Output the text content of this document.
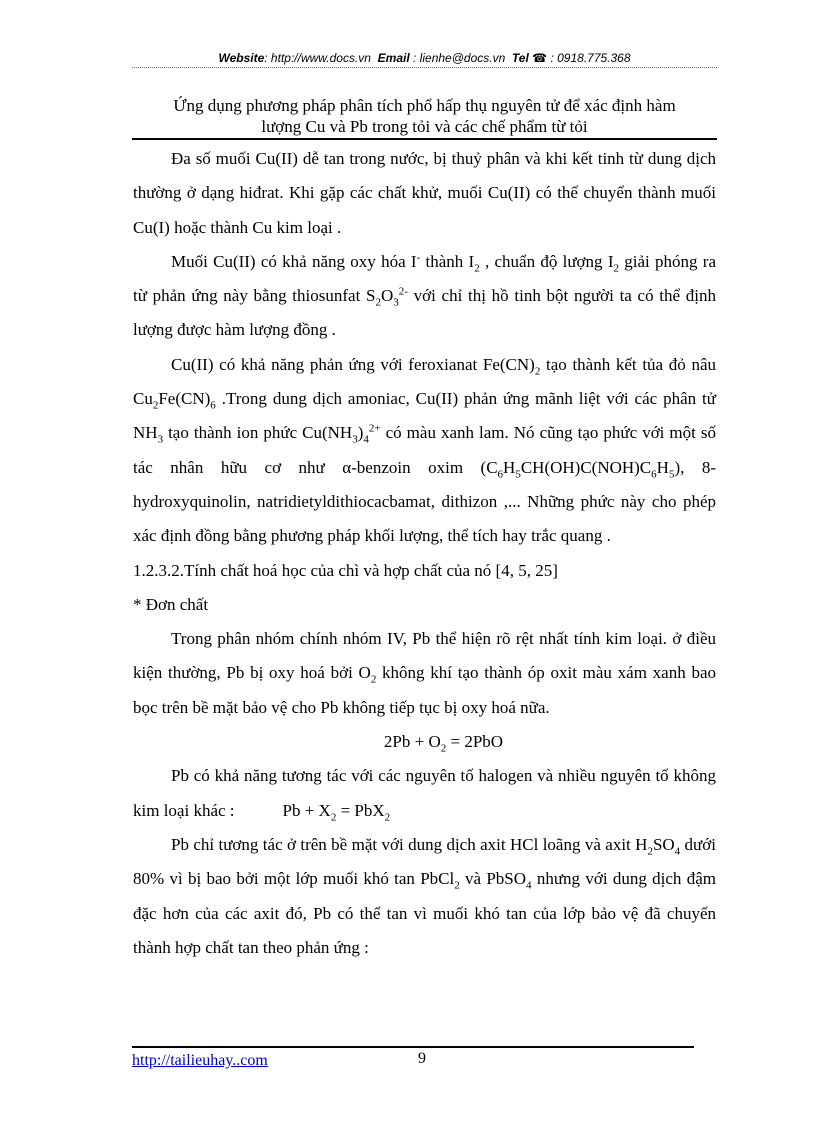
Website: http://www.docs.vn Email : lienhe@docs.vn Tel ☎ : 0918.775.368
Ứng dụng phương pháp phân tích phổ hấp thụ nguyên tử để xác định hàm
lượng Cu và Pb trong tỏi và các chế phẩm từ tỏi

Đa số muối Cu(II) dễ tan trong nước, bị thuỷ phân và khi kết tinh từ dung dịch thường ở dạng hiđrat. Khi gặp các chất khử, muối Cu(II) có thể chuyển thành muối Cu(I) hoặc thành Cu kim loại .

Muối Cu(II) có khả năng oxy hóa I- thành $I_2$ , chuẩn độ lượng $I_2$ giải phóng ra từ phản ứng này bằng thiosunfat $S_2O_3^{2-}$ với chỉ thị hồ tinh bột người ta có thể định lượng được hàm lượng đồng .

Cu(II) có khả năng phản ứng với feroxianat $Fe(CN)_2$ tạo thành kết tủa đỏ nâu $Cu_2Fe(CN)_6$ .Trong dung dịch amoniac, Cu(II) phản ứng mãnh liệt với các phân tử $NH_3$ tạo thành ion phức $Cu(NH_3)_4^{2+}$ có màu xanh lam. Nó cũng tạo phức với một số tác nhân hữu cơ như α-benzoin oxim $(C_6H_5CH(OH)C(NOH)C_6H_5)$, 8-hydroxyquinolin, natridietyldithiocacbamat, dithizon ,... Những phức này cho phép xác định đồng bằng phương pháp khối lượng, thể tích hay trắc quang .

1.2.3.2.Tính chất hoá học của chì và hợp chất của nó [4, 5, 25]

* Đơn chất

Trong phân nhóm chính nhóm IV, Pb thể hiện rõ rệt nhất tính kim loại. ở điều kiện thường, Pb bị oxy hoá bởi $O_2$ không khí tạo thành óp oxit màu xám xanh bao bọc trên bề mặt bảo vệ cho Pb không tiếp tục bị oxy hoá nữa.

$2Pb + O_2 = 2PbO$

Pb có khả năng tương tác với các nguyên tố halogen và nhiều nguyên tố không kim loại khác :	$Pb + X_2 = PbX_2$

Pb chỉ tương tác ở trên bề mặt với dung dịch axit HCl loãng và axit $H_2SO_4$ dưới 80% vì bị bao bởi một lớp muối khó tan PbCl$_2$ và PbSO$_4$ nhưng với dung dịch đậm đặc hơn của các axit đó, Pb có thể tan vì muối khó tan của lớp bảo vệ đã chuyển thành hợp chất tan theo phản ứng :

http://tailieuhay..com	9
